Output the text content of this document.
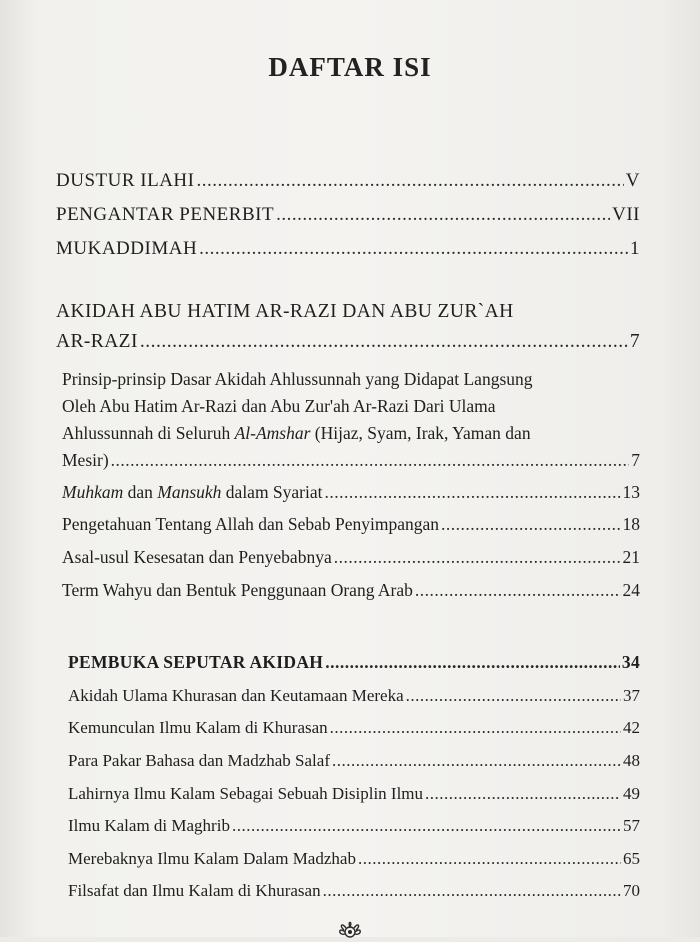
DAFTAR ISI
DUSTUR ILAHI .....	V
PENGANTAR PENERBIT .....	VII
MUKADDIMAH .....	1
AKIDAH ABU HATIM AR-RAZI DAN ABU ZUR`AH
AR-RAZI .....	7
Prinsip-prinsip Dasar Akidah Ahlussunnah yang Didapat Langsung
Oleh Abu Hatim Ar-Razi dan Abu Zur'ah Ar-Razi Dari Ulama
Ahlussunnah di Seluruh Al-Amshar (Hijaz, Syam, Irak, Yaman dan
Mesir) .....	7
Muhkam dan Mansukh dalam Syariat .....	13
Pengetahuan Tentang Allah dan Sebab Penyimpangan .....	18
Asal-usul Kesesatan dan Penyebabnya .....	21
Term Wahyu dan Bentuk Penggunaan Orang Arab .....	24
PEMBUKA SEPUTAR AKIDAH .....	34
Akidah Ulama Khurasan dan Keutamaan Mereka .....	37
Kemunculan Ilmu Kalam di Khurasan .....	42
Para Pakar Bahasa dan Madzhab Salaf .....	48
Lahirnya Ilmu Kalam Sebagai Sebuah Disiplin Ilmu .....	49
Ilmu Kalam di Maghrib .....	57
Merebaknya Ilmu Kalam Dalam Madzhab .....	65
Filsafat dan Ilmu Kalam di Khurasan .....	70
